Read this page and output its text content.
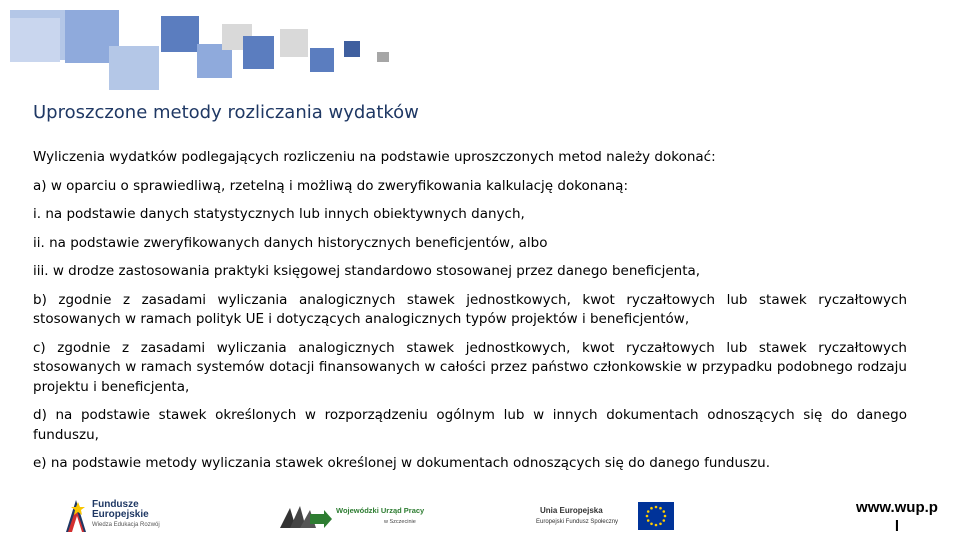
Uproszczone metody rozliczania wydatków

Wyliczenia wydatków podlegających rozliczeniu na podstawie uproszczonych metod należy dokonać:

a) w oparciu o sprawiedliwą, rzetelną i możliwą do zweryfikowania kalkulację dokonaną:

i. na podstawie danych statystycznych lub innych obiektywnych danych,

ii. na podstawie zweryfikowanych danych historycznych beneficjentów, albo

iii. w drodze zastosowania praktyki księgowej standardowo stosowanej przez danego beneficjenta,

b) zgodnie z zasadami wyliczania analogicznych stawek jednostkowych, kwot ryczałtowych lub stawek ryczałtowych stosowanych w ramach polityk UE i dotyczących analogicznych typów projektów i beneficjentów,

c) zgodnie z zasadami wyliczania analogicznych stawek jednostkowych, kwot ryczałtowych lub stawek ryczałtowych stosowanych w ramach systemów dotacji finansowanych w całości przez państwo członkowskie w przypadku podobnego rodzaju projektu i beneficjenta,

d) na podstawie stawek określonych w rozporządzeniu ogólnym lub w innych dokumentach odnoszących się do danego funduszu,

e) na podstawie metody wyliczania stawek określonej w dokumentach odnoszących się do danego funduszu.

Fundusze
Europejskie
Wiedza Edukacja Rozwój
Wojewódzki Urząd Pracy
w Szczecinie
Unia Europejska
Europejski Fundusz Społeczny
www.wup.p
l
